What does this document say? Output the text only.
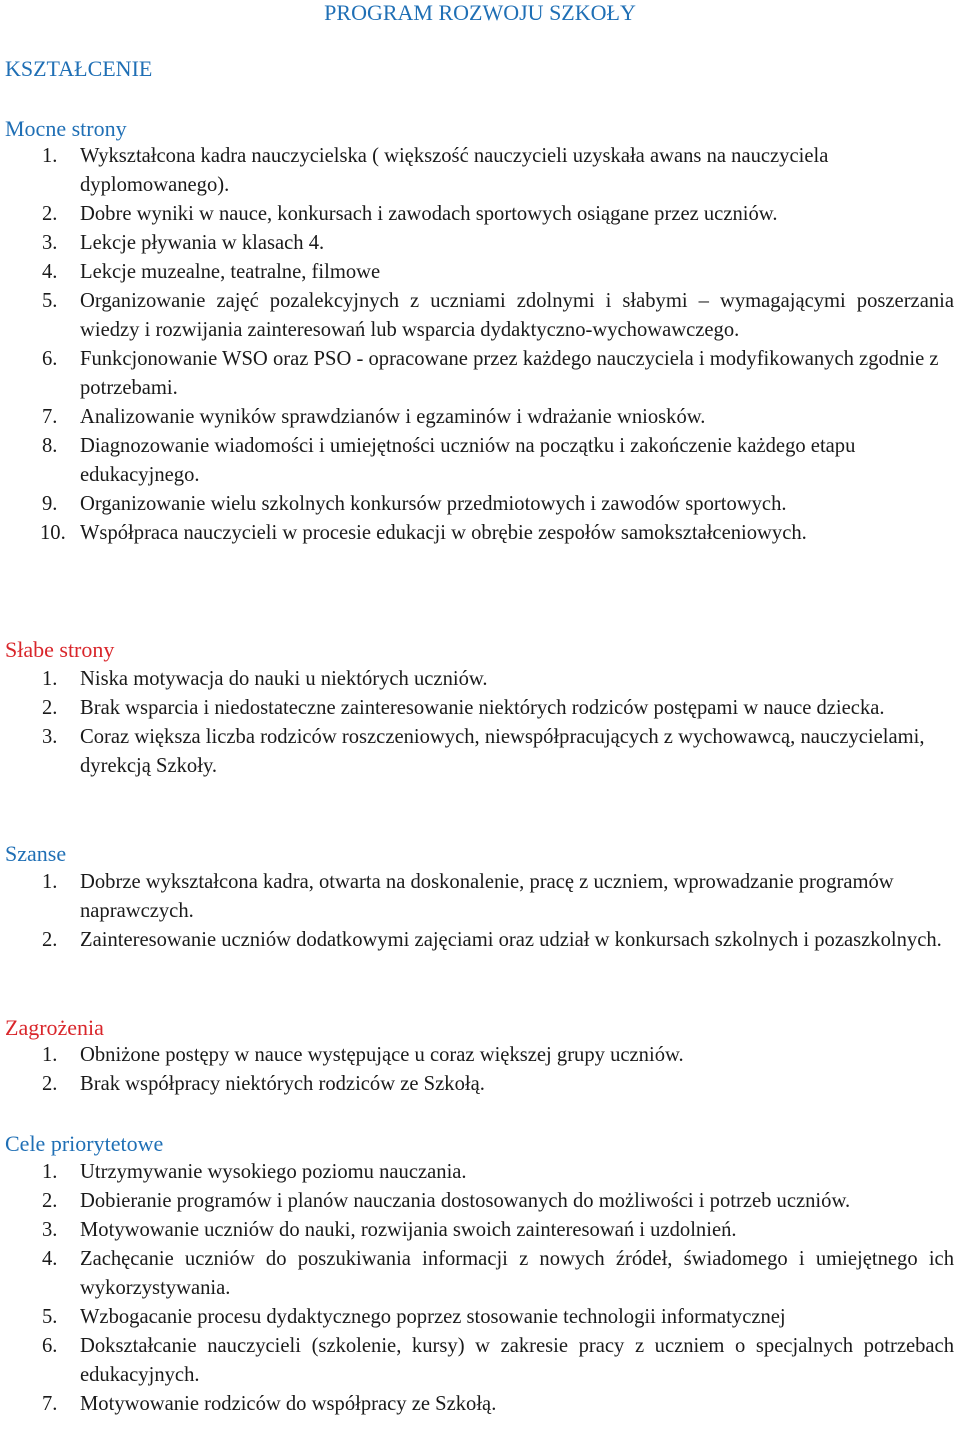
PROGRAM ROZWOJU SZKOŁY
KSZTAŁCENIE
Mocne strony
1.	Wykształcona kadra nauczycielska ( większość nauczycieli uzyskała awans na nauczyciela dyplomowanego).
2.	Dobre wyniki w nauce, konkursach i zawodach sportowych osiągane przez uczniów.
3.	Lekcje pływania w klasach 4.
4.	Lekcje muzealne, teatralne, filmowe
5.	Organizowanie zajęć pozalekcyjnych z uczniami zdolnymi i słabymi – wymagającymi poszerzania wiedzy i rozwijania zainteresowań lub wsparcia dydaktyczno-wychowawczego.
6.	Funkcjonowanie WSO oraz PSO - opracowane przez każdego nauczyciela i modyfikowanych zgodnie z potrzebami.
7.	Analizowanie wyników sprawdzianów i egzaminów i wdrażanie wniosków.
8.	Diagnozowanie wiadomości i umiejętności uczniów na początku i zakończenie każdego etapu edukacyjnego.
9.	Organizowanie wielu szkolnych konkursów przedmiotowych i zawodów sportowych.
10. Współpraca nauczycieli w procesie edukacji w obrębie zespołów samokształceniowych.
Słabe strony
1.	Niska motywacja do nauki u niektórych uczniów.
2.	Brak wsparcia i niedostateczne zainteresowanie niektórych rodziców postępami w nauce dziecka.
3.	Coraz większa liczba rodziców roszczeniowych, niewspółpracujących z wychowawcą, nauczycielami, dyrekcją Szkoły.
Szanse
1.	Dobrze wykształcona kadra, otwarta na doskonalenie, pracę z uczniem, wprowadzanie programów naprawczych.
2.	Zainteresowanie uczniów dodatkowymi zajęciami oraz udział w konkursach szkolnych i pozaszkolnych.
Zagrożenia
1.	Obniżone postępy w nauce występujące u coraz większej grupy uczniów.
2.	Brak współpracy niektórych rodziców ze Szkołą.
Cele priorytetowe
1.	Utrzymywanie wysokiego poziomu nauczania.
2.	Dobieranie programów i planów nauczania dostosowanych do możliwości i potrzeb uczniów.
3.	Motywowanie uczniów do nauki, rozwijania swoich zainteresowań i uzdolnień.
4.	Zachęcanie uczniów do poszukiwania informacji z nowych źródeł, świadomego i umiejętnego ich wykorzystywania.
5.	Wzbogacanie procesu dydaktycznego poprzez stosowanie technologii informatycznej
6.	Dokształcanie nauczycieli (szkolenie, kursy) w zakresie pracy z uczniem o specjalnych potrzebach edukacyjnych.
7.	Motywowanie rodziców do współpracy ze Szkołą.
